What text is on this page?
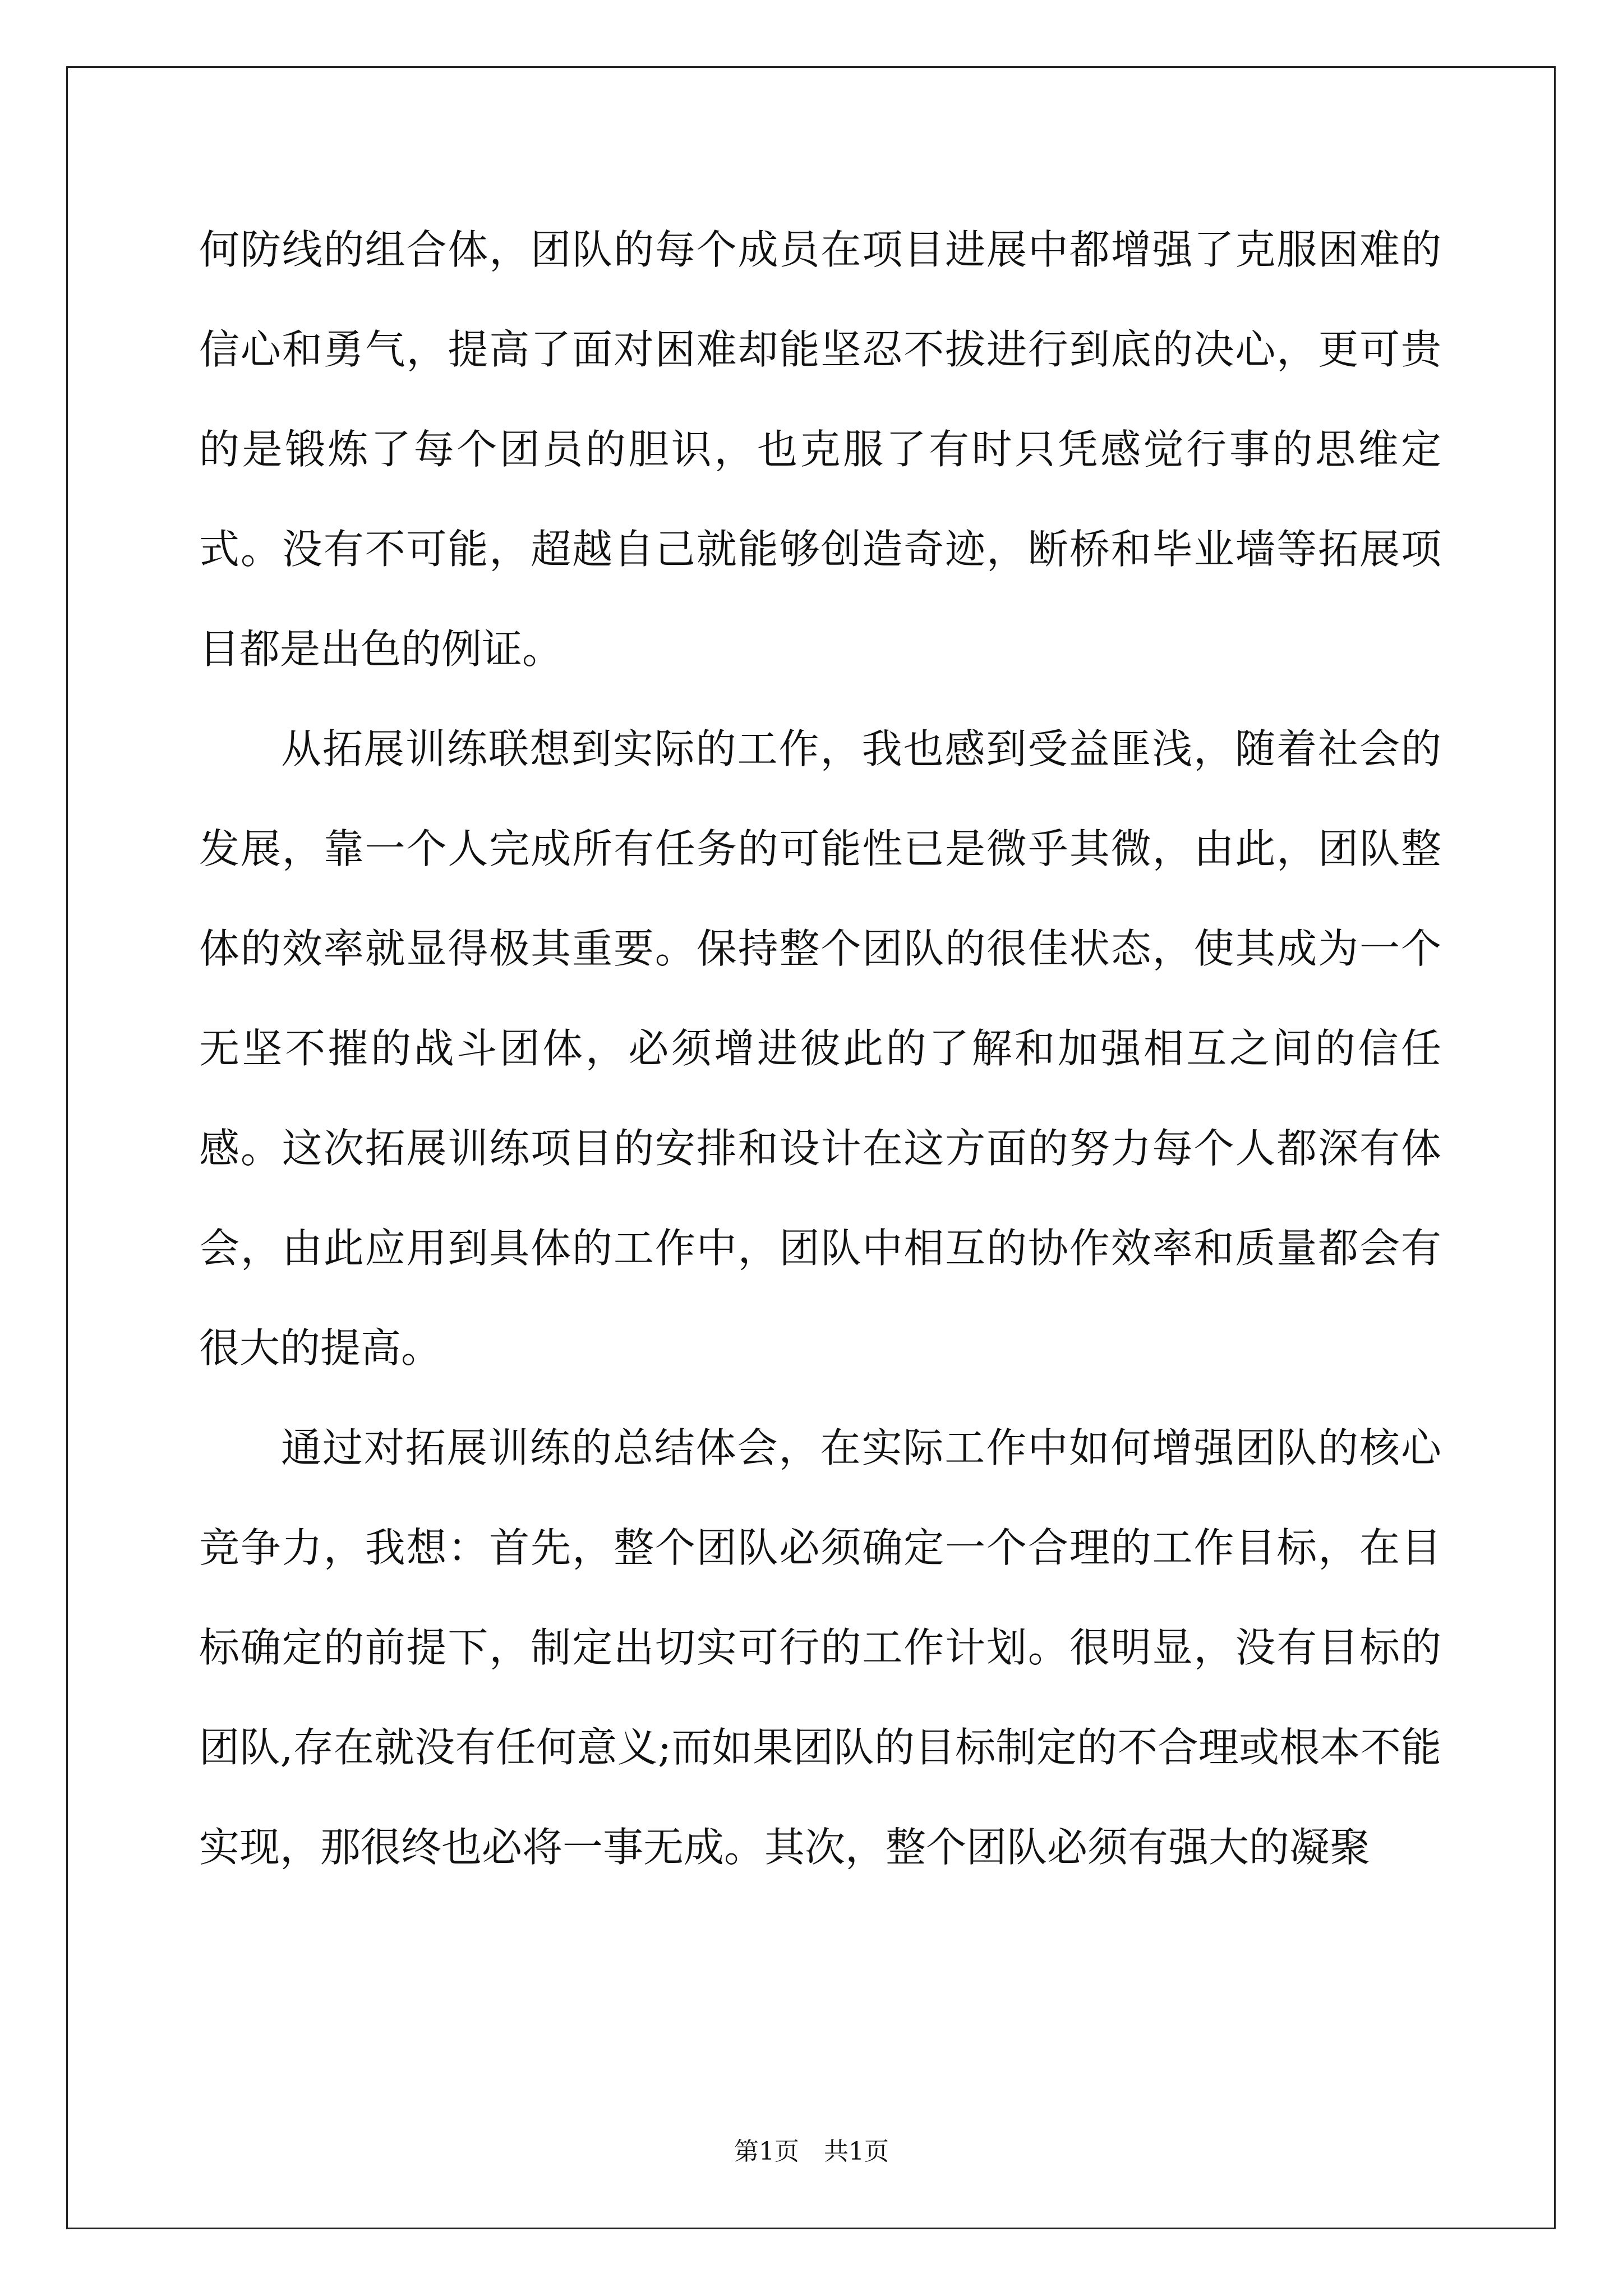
何防线的组合体，团队的每个成员在项目进展中都增强了克服困难的信心和勇气，提高了面对困难却能坚忍不拔进行到底的决心，更可贵的是锻炼了每个团员的胆识，也克服了有时只凭感觉行事的思维定式。没有不可能，超越自己就能够创造奇迹，断桥和毕业墙等拓展项目都是出色的例证。

从拓展训练联想到实际的工作，我也感到受益匪浅，随着社会的发展，靠一个人完成所有任务的可能性已是微乎其微，由此，团队整体的效率就显得极其重要。保持整个团队的很佳状态，使其成为一个无坚不摧的战斗团体，必须增进彼此的了解和加强相互之间的信任感。这次拓展训练项目的安排和设计在这方面的努力每个人都深有体会，由此应用到具体的工作中，团队中相互的协作效率和质量都会有很大的提高。

通过对拓展训练的总结体会，在实际工作中如何增强团队的核心竞争力，我想：首先，整个团队必须确定一个合理的工作目标，在目标确定的前提下，制定出切实可行的工作计划。很明显，没有目标的团队,存在就没有任何意义;而如果团队的目标制定的不合理或根本不能实现，那很终也必将一事无成。其次，整个团队必须有强大的凝聚

第1页　共1页
